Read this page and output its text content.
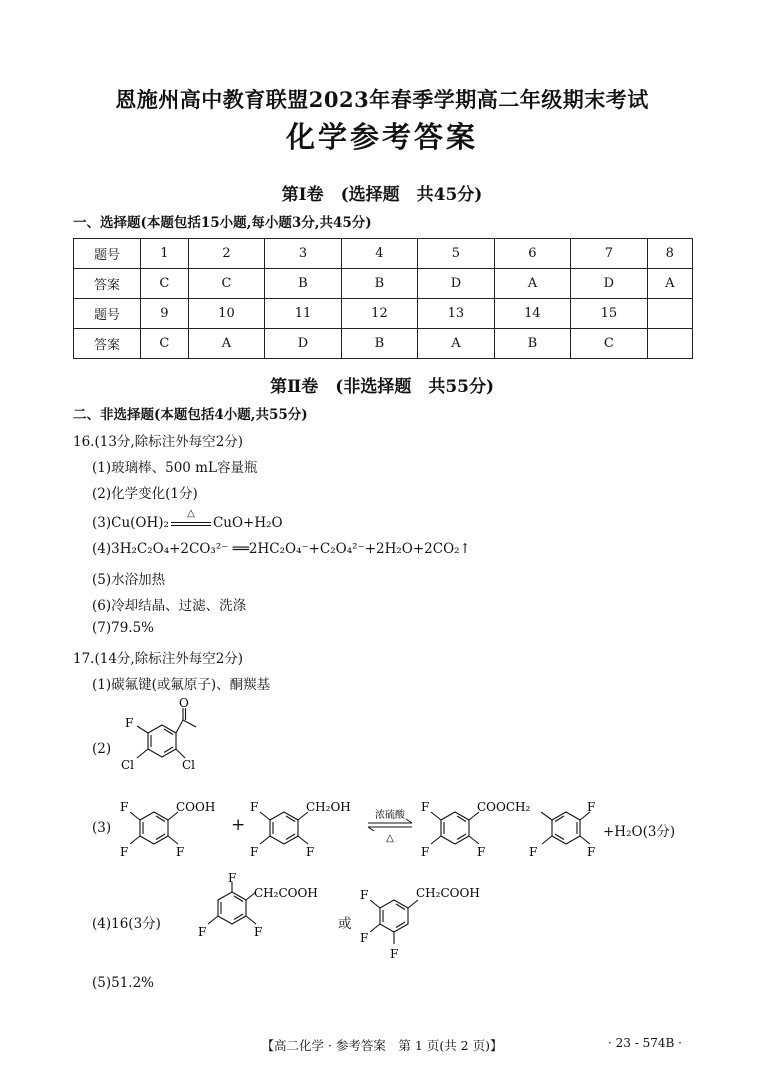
恩施州高中教育联盟2023年春季学期高二年级期末考试
化学参考答案
第Ⅰ卷　(选择题　共45分)
一、选择题(本题包括15小题,每小题3分,共45分)
题号	1	2	3	4	5	6	7	8
答案	C	C	B	B	D	A	D	A
题号	9	10	11	12	13	14	15	
答案	C	A	D	B	A	B	C	
第Ⅱ卷　(非选择题　共55分)
二、非选择题(本题包括4小题,共55分)
16.(13分,除标注外每空2分)
(1)玻璃棒、500 mL容量瓶
(2)化学变化(1分)
(3)Cu(OH)₂
△
CuO+H₂O
(4)3H₂C₂O₄+2CO₃²⁻ ══2HC₂O₄⁻+C₂O₄²⁻+2H₂O+2CO₂↑
(5)水浴加热
(6)冷却结晶、过滤、洗涤
(7)79.5%
17.(14分,除标注外每空2分)
(1)碳氟键(或氟原子)、酮羰基
(2)
O
F
Cl	Cl
(3)
F	COOH
F	F
+
F	CH₂OH
F	F
浓硫酸
△
F	COOCH₂
F	F
F
F	F
+H₂O(3分)
(4)16(3分)
F
CH₂COOH
F	F	或
F	CH₂COOH
F
F
(5)51.2%
【高二化学 · 参考答案　第 1 页(共 2 页)】	· 23 - 574B ·
